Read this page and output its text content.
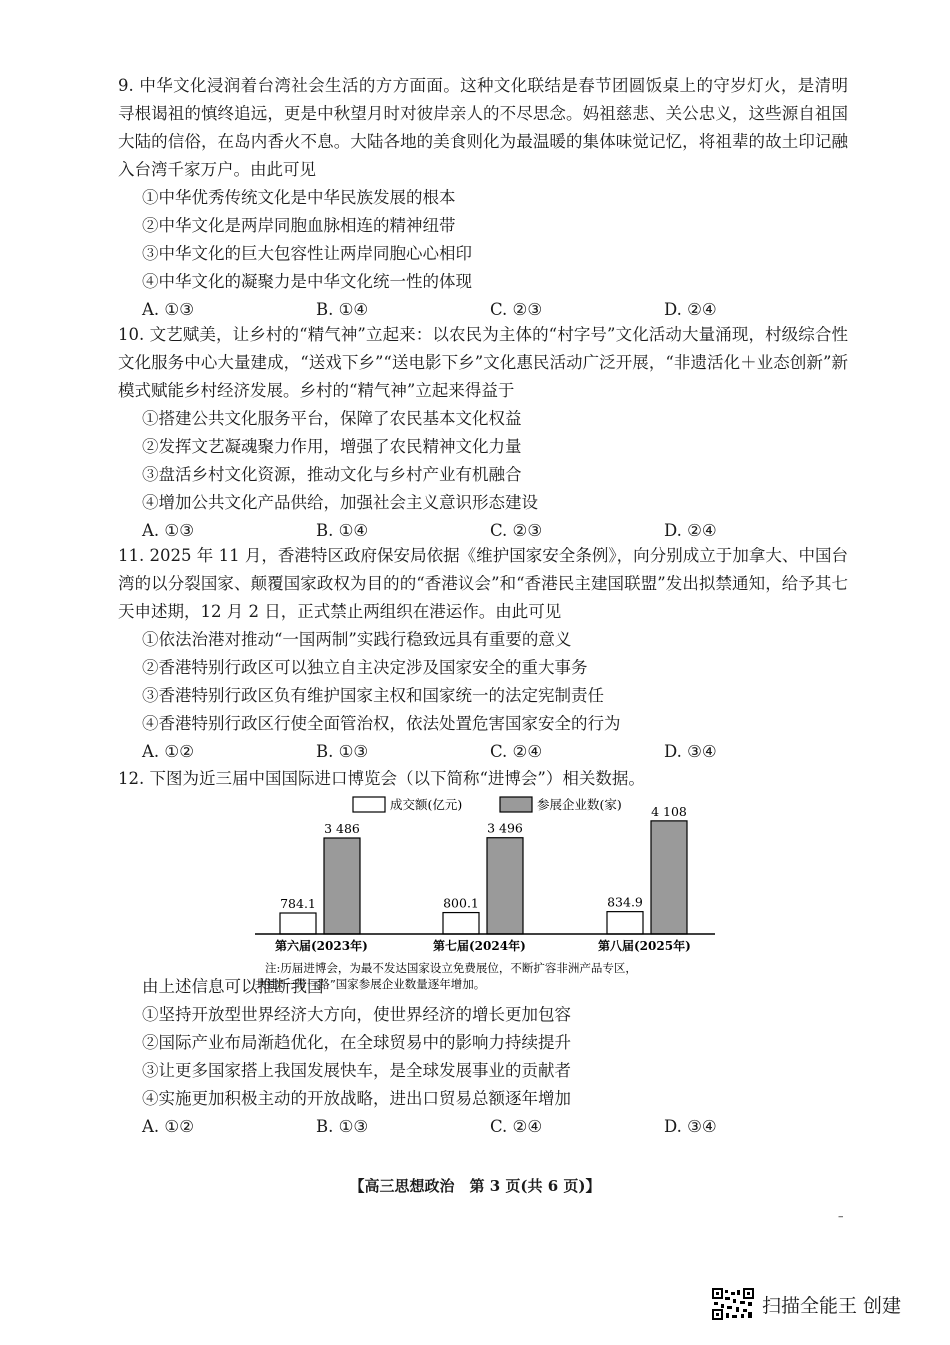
9. 中华文化浸润着台湾社会生活的方方面面。这种文化联结是春节团圆饭桌上的守岁灯火，是清明寻根谒祖的慎终追远，更是中秋望月时对彼岸亲人的不尽思念。妈祖慈悲、关公忠义，这些源自祖国大陆的信俗，在岛内香火不息。大陆各地的美食则化为最温暖的集体味觉记忆，将祖辈的故土印记融入台湾千家万户。由此可见

①中华优秀传统文化是中华民族发展的根本

②中华文化是两岸同胞血脉相连的精神纽带

③中华文化的巨大包容性让两岸同胞心心相印

④中华文化的凝聚力是中华文化统一性的体现

A. ①③	B. ①④	C. ②③	D. ②④

10. 文艺赋美，让乡村的“精气神”立起来：以农民为主体的“村字号”文化活动大量涌现，村级综合性文化服务中心大量建成，“送戏下乡”“送电影下乡”文化惠民活动广泛开展，“非遗活化＋业态创新”新模式赋能乡村经济发展。乡村的“精气神”立起来得益于

①搭建公共文化服务平台，保障了农民基本文化权益

②发挥文艺凝魂聚力作用，增强了农民精神文化力量

③盘活乡村文化资源，推动文化与乡村产业有机融合

④增加公共文化产品供给，加强社会主义意识形态建设

A. ①③	B. ①④	C. ②③	D. ②④

11. 2025 年 11 月，香港特区政府保安局依据《维护国家安全条例》，向分别成立于加拿大、中国台湾的以分裂国家、颠覆国家政权为目的的“香港议会”和“香港民主建国联盟”发出拟禁通知，给予其七天申述期，12 月 2 日，正式禁止两组织在港运作。由此可见

①依法治港对推动“一国两制”实践行稳致远具有重要的意义

②香港特别行政区可以独立自主决定涉及国家安全的重大事务

③香港特别行政区负有维护国家主权和国家统一的法定宪制责任

④香港特别行政区行使全面管治权，依法处置危害国家安全的行为

A. ①②	B. ①③	C. ②④	D. ③④

12. 下图为近三届中国国际进口博览会（以下简称“进博会”）相关数据。

由上述信息可以推断我国

①坚持开放型世界经济大方向，使世界经济的增长更加包容

②国际产业布局渐趋优化，在全球贸易中的影响力持续提升

③让更多国家搭上我国发展快车，是全球发展事业的贡献者

④实施更加积极主动的开放战略，进出口贸易总额逐年增加

A. ①②	B. ①③	C. ②④	D. ③④
成交额(亿元)	参展企业数(家)
784.1
3 486
800.1
3 496
834.9
4 108
第六届(2023年)	第七届(2024年)	第八届(2025年)
注:历届进博会，为最不发达国家设立免费展位，不断扩容非洲产品专区，
共建“一带一路”国家参展企业数量逐年增加。
–
【高三思想政治　第 3 页(共 6 页)】
扫描全能王 创建
